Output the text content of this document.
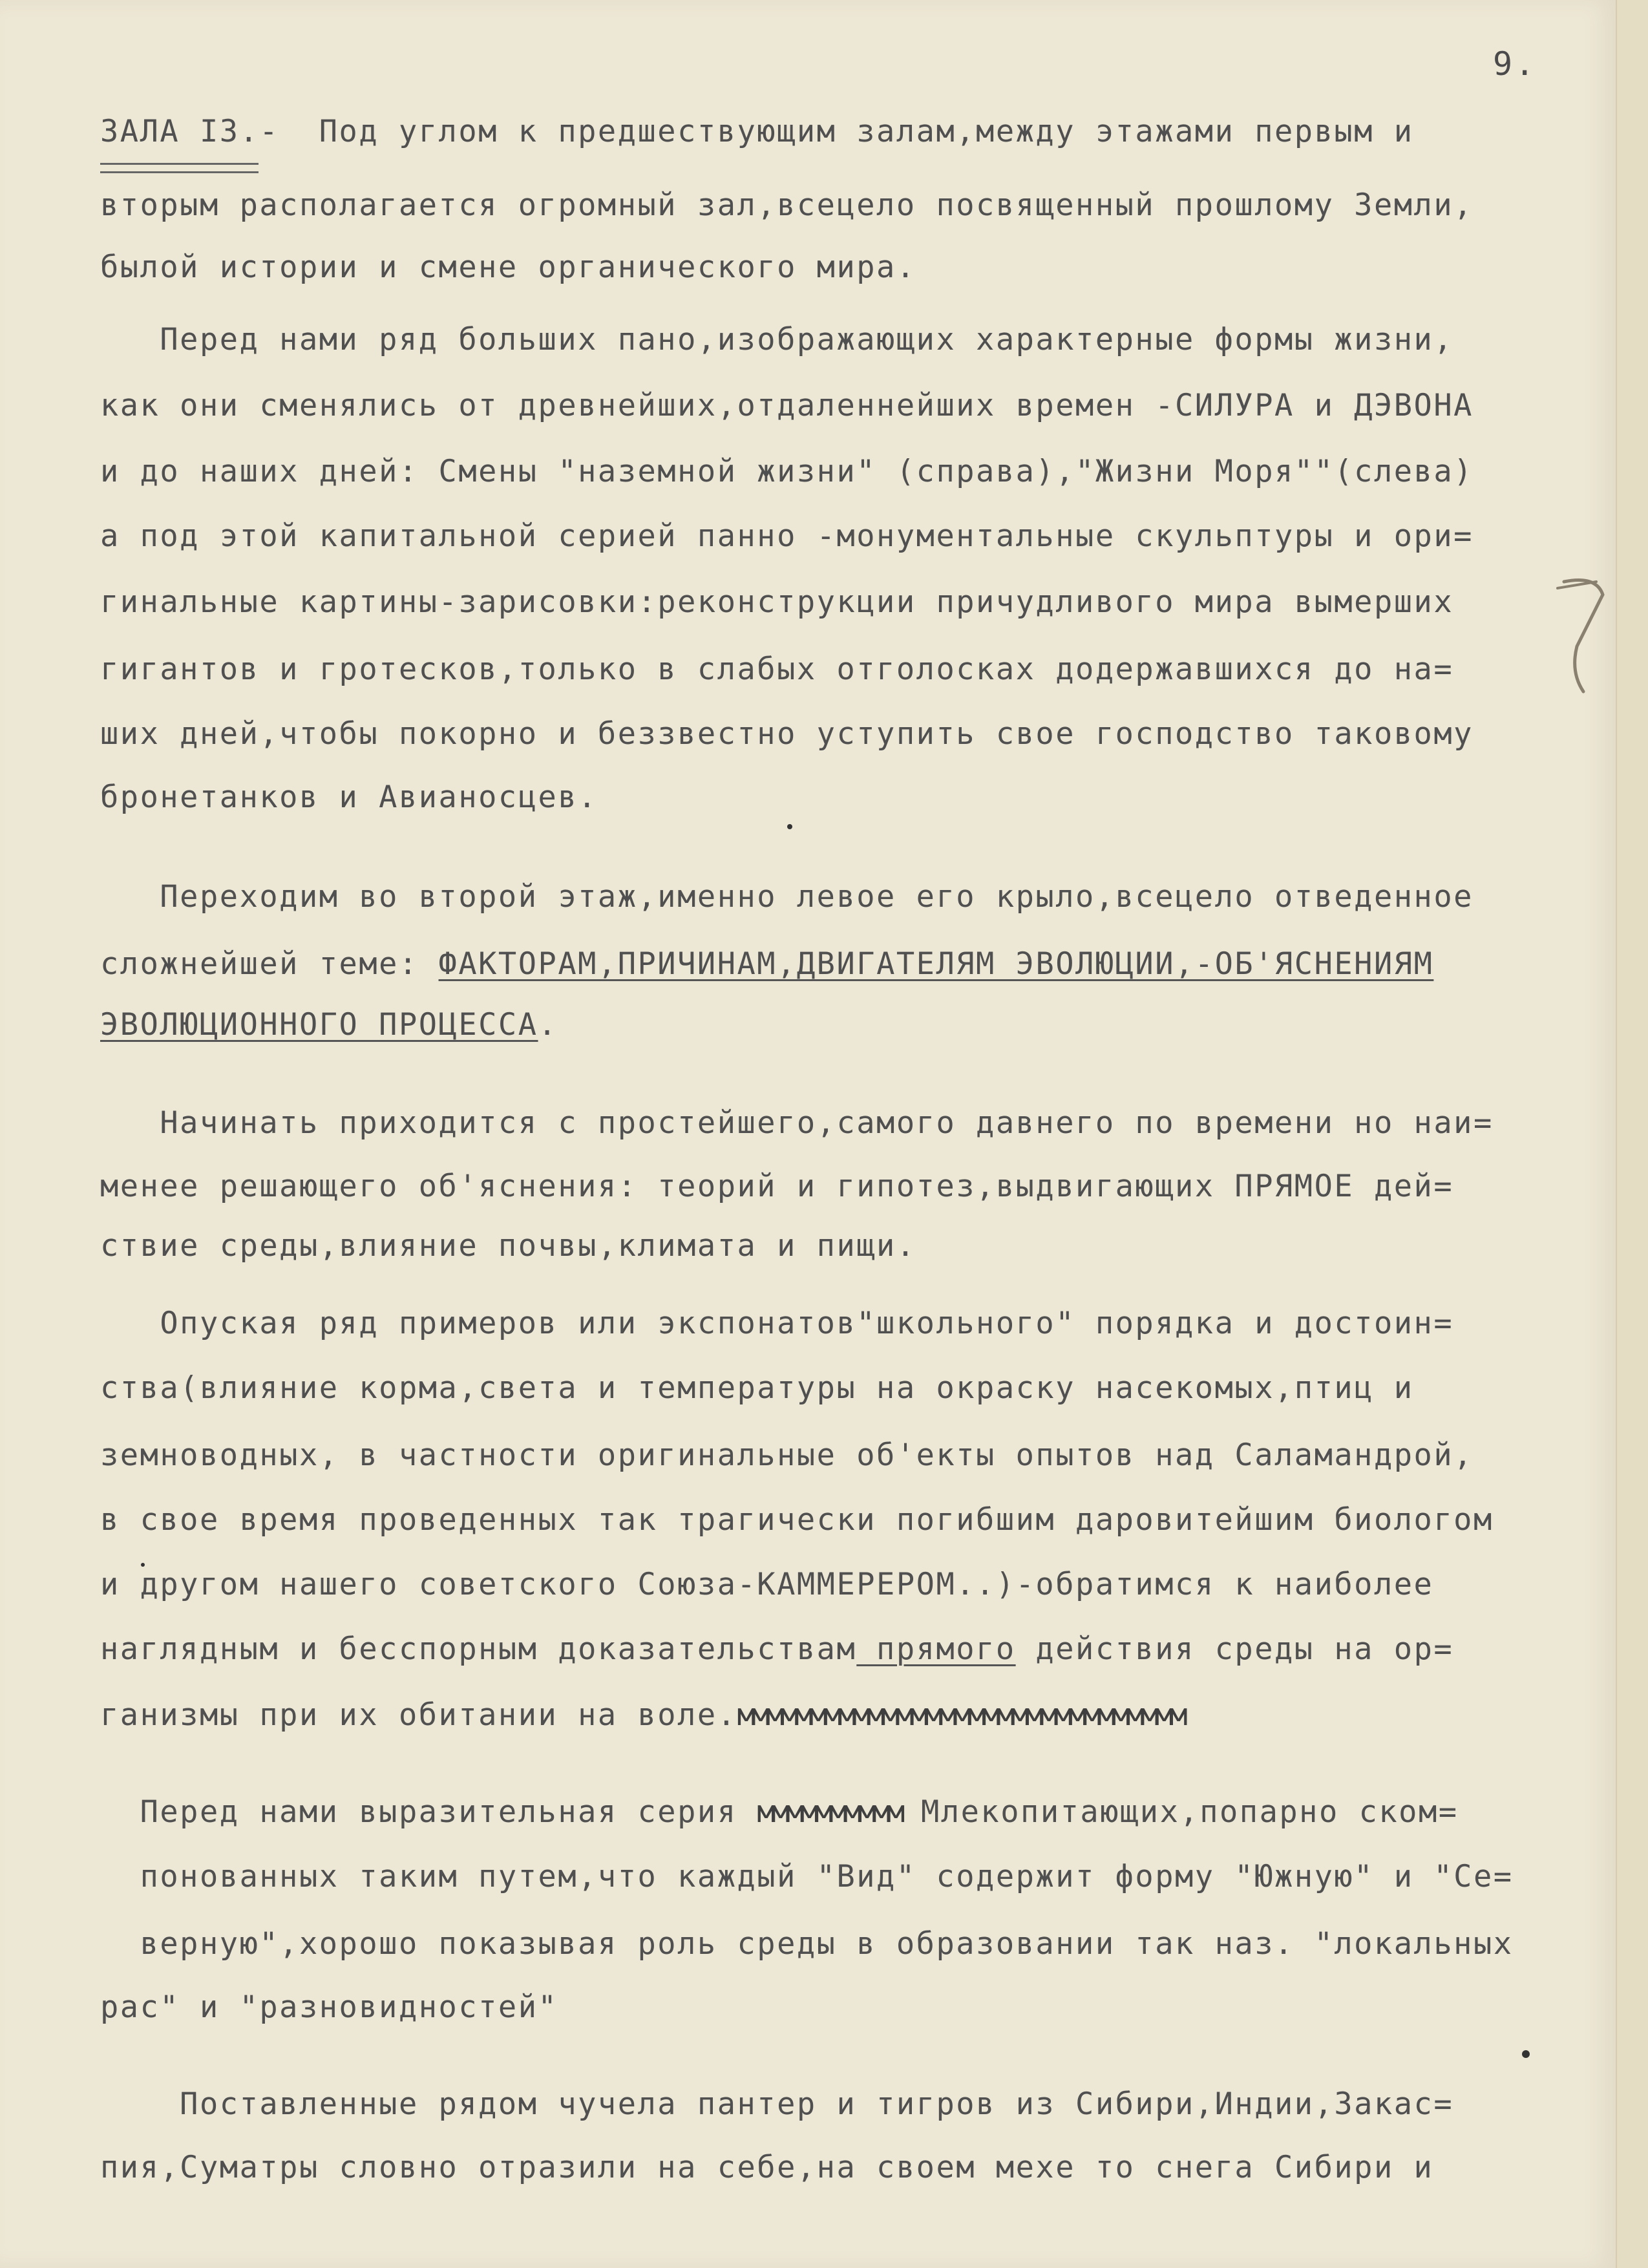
9.
ЗАЛА I3.-  Под углом к предшествующим залам,между этажами первым и
вторым располагается огромный зал,всецело посвященный прошлому Земли,
былой истории и смене органического мира.
Перед нами ряд больших пано,изображающих характерные формы жизни,
как они сменялись от древнейших,отдаленнейших времен -СИЛУРА и ДЭВОНА
и до наших дней: Смены "наземной жизни" (справа),"Жизни Моря""(слева)
а под этой капитальной серией панно -монументальные скульптуры и ори=
гинальные картины-зарисовки:реконструкции причудливого мира вымерших
гигантов и гротесков,только в слабых отголосках додержавшихся до на=
ших дней,чтобы покорно и беззвестно уступить свое господство таковому
бронетанков и Авианосцев.
Переходим во второй этаж,именно левое его крыло,всецело отведенное
сложнейшей теме: ФАКТОРАМ,ПРИЧИНАМ,ДВИГАТЕЛЯМ ЭВОЛЮЦИИ,-ОБ'ЯСНЕНИЯМ
ЭВОЛЮЦИОННОГО ПРОЦЕССА.
Начинать приходится с простейшего,самого давнего по времени но наи=
менее решающего об'яснения: теорий и гипотез,выдвигающих ПРЯМОЕ дей=
ствие среды,влияние почвы,климата и пищи.
Опуская ряд примеров или экспонатов"школьного" порядка и достоин=
ства(влияние корма,света и температуры на окраску насекомых,птиц и
земноводных, в частности оригинальные об'екты опытов над Саламандрой,
в свое время проведенных так трагически погибшим даровитейшим биологом
и другом нашего советского Союза-КАММЕРЕРОМ..)-обратимся к наиболее
наглядным и бесспорным доказательствам прямого действия среды на ор=
ганизмы при их обитании на воле.ммммммммммммммммммммммммммммммм
Перед нами выразительная серия мммммммммм Млекопитающих,попарно ском=
понованных таким путем,что каждый "Вид" содержит форму "Южную" и "Се=
верную",хорошо показывая роль среды в образовании так наз. "локальных
рас" и "разновидностей"
Поставленные рядом чучела пантер и тигров из Сибири,Индии,Закас=
пия,Суматры словно отразили на себе,на своем мехе то снега Сибири и
